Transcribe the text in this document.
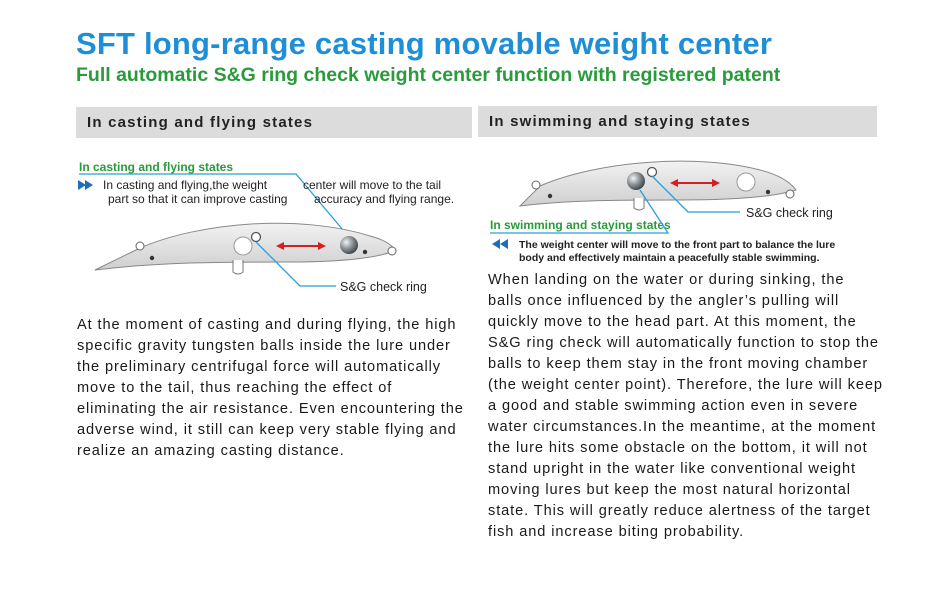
SFT long-range casting movable weight center
Full automatic S&G ring check weight center function with registered patent
In casting and flying states	In swimming and staying states
In casting and flying states
In casting and flying,the weight	center will move to the tail
part so that it can improve casting accuracy and flying range.
S&G check ring
S&G check ring
In swimming and staying states
The weight center will move to the front part to balance the lure
body and effectively maintain a peacefully stable swimming.
At the moment of casting and during flying, the high specific gravity tungsten balls inside the lure under the preliminary centrifugal force will automatically move to the tail, thus reaching the effect of eliminating the air resistance. Even encountering the adverse wind, it still can keep very stable flying and realize an amazing casting distance.
When landing on the water or during sinking, the balls once influenced by the angler’s pulling will quickly move to the head part. At this moment, the S&G ring check will automatically function to stop the balls to keep them stay in the front moving chamber (the weight center point). Therefore, the lure will keep a good and stable swimming action even in severe water circumstances.In the meantime, at the moment the lure hits some obstacle on the bottom, it will not stand upright in the water like conventional weight moving lures but keep the most natural horizontal state. This will greatly reduce alertness of the target fish and increase biting probability.
